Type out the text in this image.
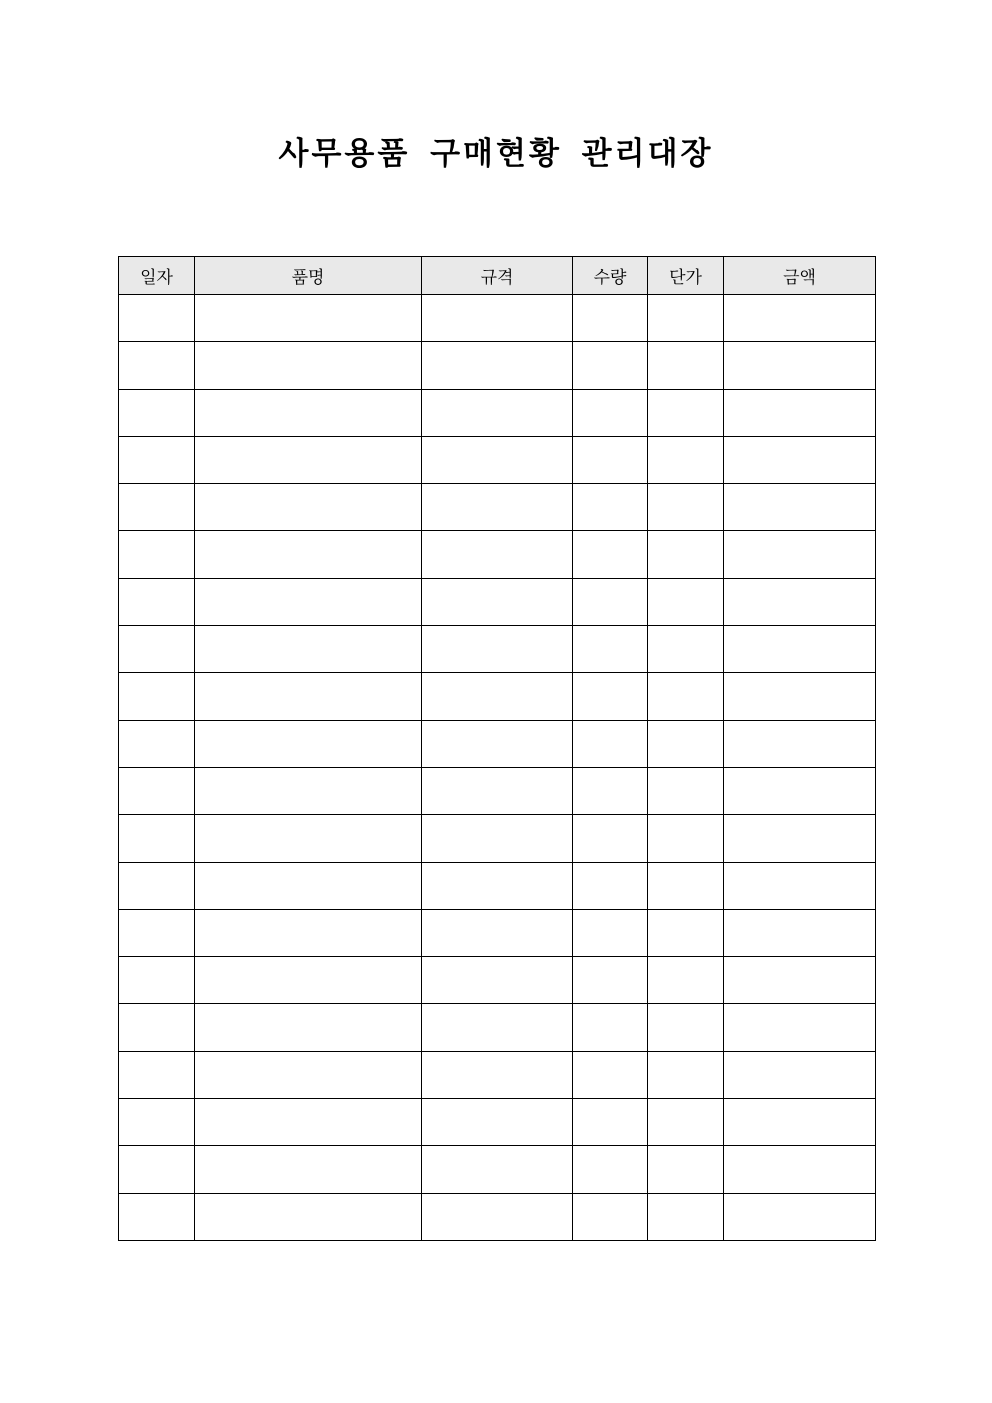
사무용품 구매현황 관리대장
일자	품명	규격	수량	단가	금액
